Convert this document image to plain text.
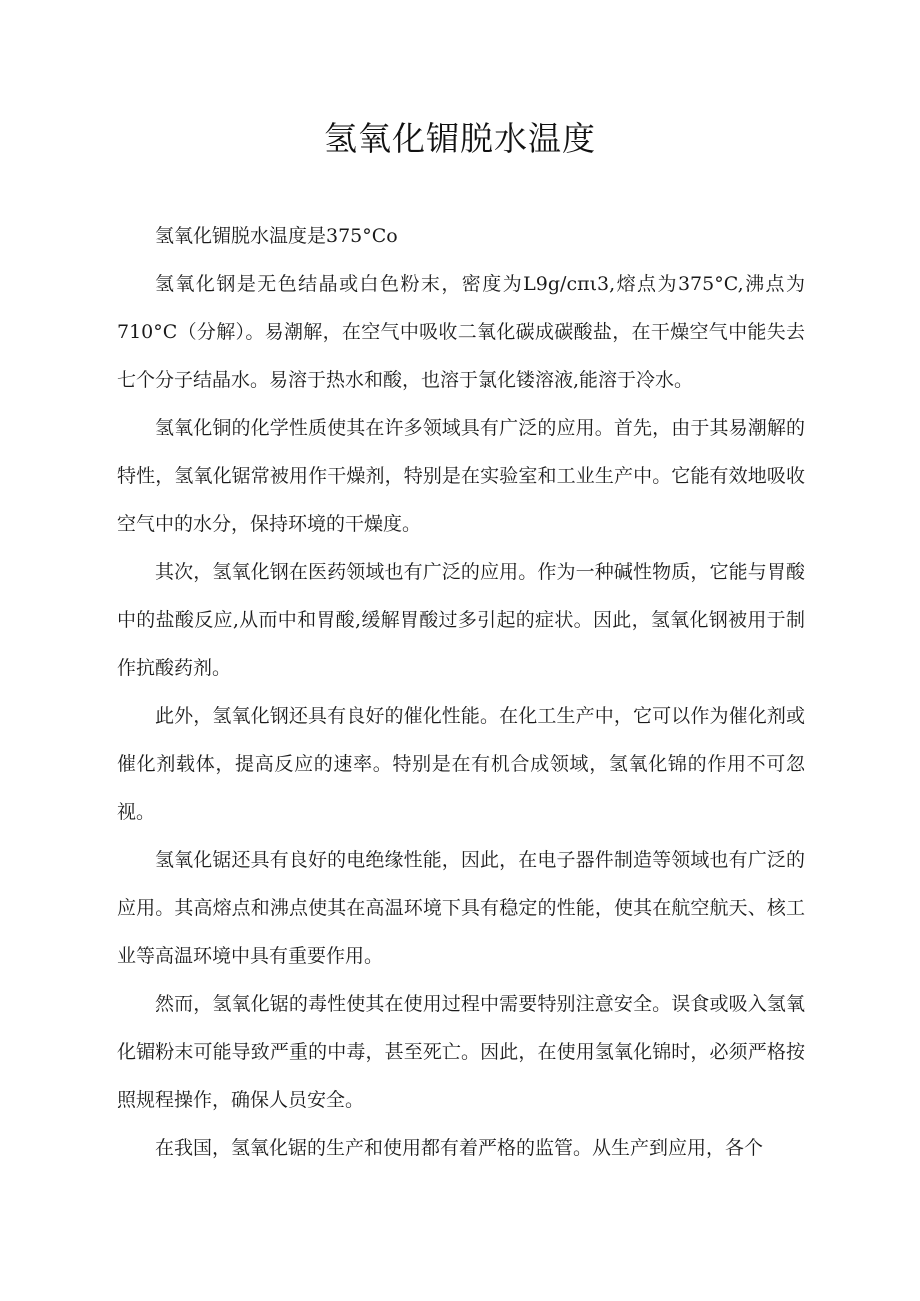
氢氧化镅脱水温度

氢氧化镅脱水温度是375°Co

氢氧化钢是无色结晶或白色粉末，密度为L9g∕cπι3,熔点为375°C,沸点为710°C（分解）。易潮解，在空气中吸收二氧化碳成碳酸盐，在干燥空气中能失去七个分子结晶水。易溶于热水和酸，也溶于氯化镂溶液,能溶于冷水。

氢氧化铜的化学性质使其在许多领域具有广泛的应用。首先，由于其易潮解的特性，氢氧化锯常被用作干燥剂，特别是在实验室和工业生产中。它能有效地吸收空气中的水分，保持环境的干燥度。

其次，氢氧化钢在医药领域也有广泛的应用。作为一种碱性物质，它能与胃酸中的盐酸反应,从而中和胃酸,缓解胃酸过多引起的症状。因此，氢氧化钢被用于制作抗酸药剂。

此外，氢氧化钢还具有良好的催化性能。在化工生产中，它可以作为催化剂或催化剂载体，提高反应的速率。特别是在有机合成领域，氢氧化锦的作用不可忽视。

氢氧化锯还具有良好的电绝缘性能，因此，在电子器件制造等领域也有广泛的应用。其高熔点和沸点使其在高温环境下具有稳定的性能，使其在航空航天、核工业等高温环境中具有重要作用。

然而，氢氧化锯的毒性使其在使用过程中需要特别注意安全。误食或吸入氢氧化镅粉末可能导致严重的中毒，甚至死亡。因此，在使用氢氧化锦时，必须严格按照规程操作，确保人员安全。

在我国，氢氧化锯的生产和使用都有着严格的监管。从生产到应用，各个
